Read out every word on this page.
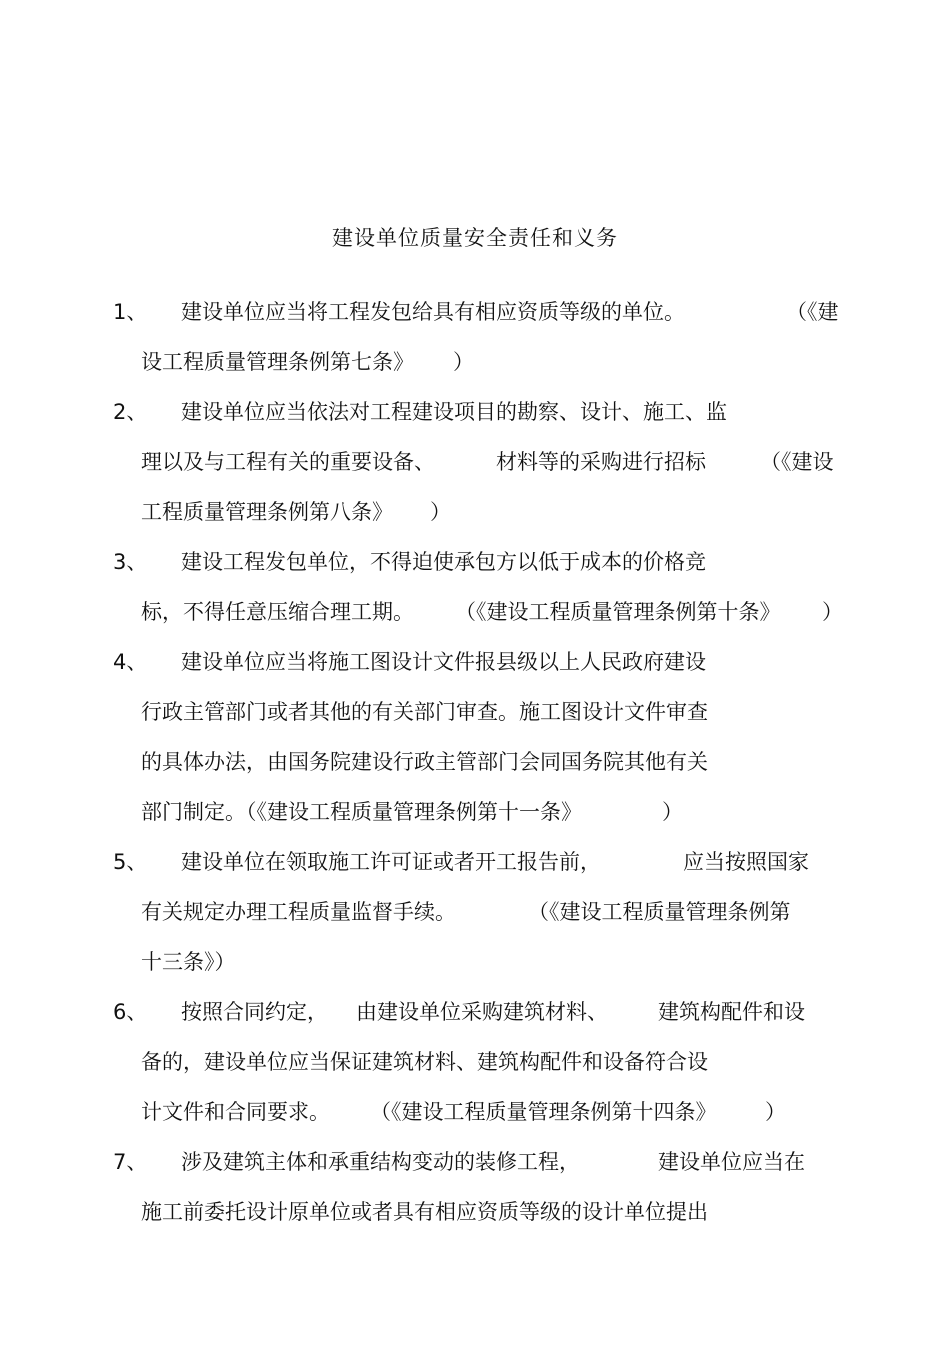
建设单位质量安全责任和义务
1、 建设单位应当将工程发包给具有相应资质等级的单位。	（《建
设工程质量管理条例第七条》 ）
2、 建设单位应当依法对工程建设项目的勘察、设计、施工、监
理以及与工程有关的重要设备、	材料等的采购进行招标	（《建设
工程质量管理条例第八条》 ）
3、 建设工程发包单位，不得迫使承包方以低于成本的价格竞
标，不得任意压缩合理工期。 （《建设工程质量管理条例第十条》 ）
4、 建设单位应当将施工图设计文件报县级以上人民政府建设
行政主管部门或者其他的有关部门审查。施工图设计文件审查
的具体办法，由国务院建设行政主管部门会同国务院其他有关
部门制定。（《建设工程质量管理条例第十一条》	）
5、 建设单位在领取施工许可证或者开工报告前，	应当按照国家
有关规定办理工程质量监督手续。	（《建设工程质量管理条例第
十三条》）
6、 按照合同约定， 由建设单位采购建筑材料、 建筑构配件和设
备的，建设单位应当保证建筑材料、建筑构配件和设备符合设
计文件和合同要求。 （《建设工程质量管理条例第十四条》 ）
7、 涉及建筑主体和承重结构变动的装修工程，	建设单位应当在
施工前委托设计原单位或者具有相应资质等级的设计单位提出
